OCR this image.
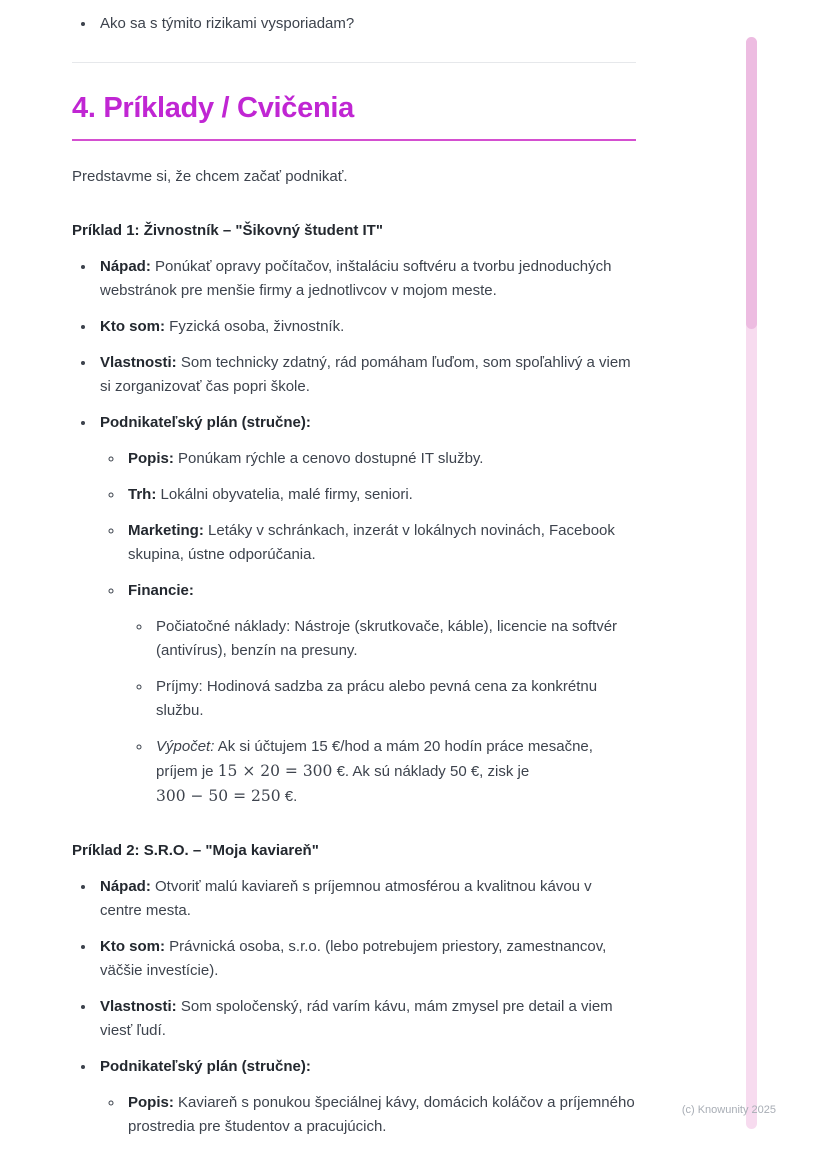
• Ako sa s týmito rizikami vysporiadam?
4. Príklady / Cvičenia

Predstavme si, že chcem začať podnikať.

Príklad 1: Živnostník – "Šikovný študent IT"

• Nápad: Ponúkať opravy počítačov, inštaláciu softvéru a tvorbu jednoduchých webstránok pre menšie firmy a jednotlivcov v mojom meste.
• Kto som: Fyzická osoba, živnostník.
• Vlastnosti: Som technicky zdatný, rád pomáham ľuďom, som spoľahlivý a viem si zorganizovať čas popri škole.
• Podnikateľský plán (stručne):
◦ Popis: Ponúkam rýchle a cenovo dostupné IT služby.
◦ Trh: Lokálni obyvatelia, malé firmy, seniori.
◦ Marketing: Letáky v schránkach, inzerát v lokálnych novinách, Facebook skupina, ústne odporúčania.
◦ Financie:
◦ Počiatočné náklady: Nástroje (skrutkovače, káble), licencie na softvér (antivírus), benzín na presuny.
◦ Príjmy: Hodinová sadzba za prácu alebo pevná cena za konkrétnu službu.
◦ Výpočet: Ak si účtujem 15 €/hod a mám 20 hodín práce mesačne, príjem je 15 × 20 = 300 €. Ak sú náklady 50 €, zisk je 300 − 50 = 250 €.

Príklad 2: S.R.O. – "Moja kaviareň"

• Nápad: Otvoriť malú kaviareň s príjemnou atmosférou a kvalitnou kávou v centre mesta.
• Kto som: Právnická osoba, s.r.o. (lebo potrebujem priestory, zamestnancov, väčšie investície).
• Vlastnosti: Som spoločenský, rád varím kávu, mám zmysel pre detail a viem viesť ľudí.
• Podnikateľský plán (stručne):
◦ Popis: Kaviareň s ponukou špeciálnej kávy, domácich koláčov a príjemného prostredia pre študentov a pracujúcich.
(c) Knowunity 2025
